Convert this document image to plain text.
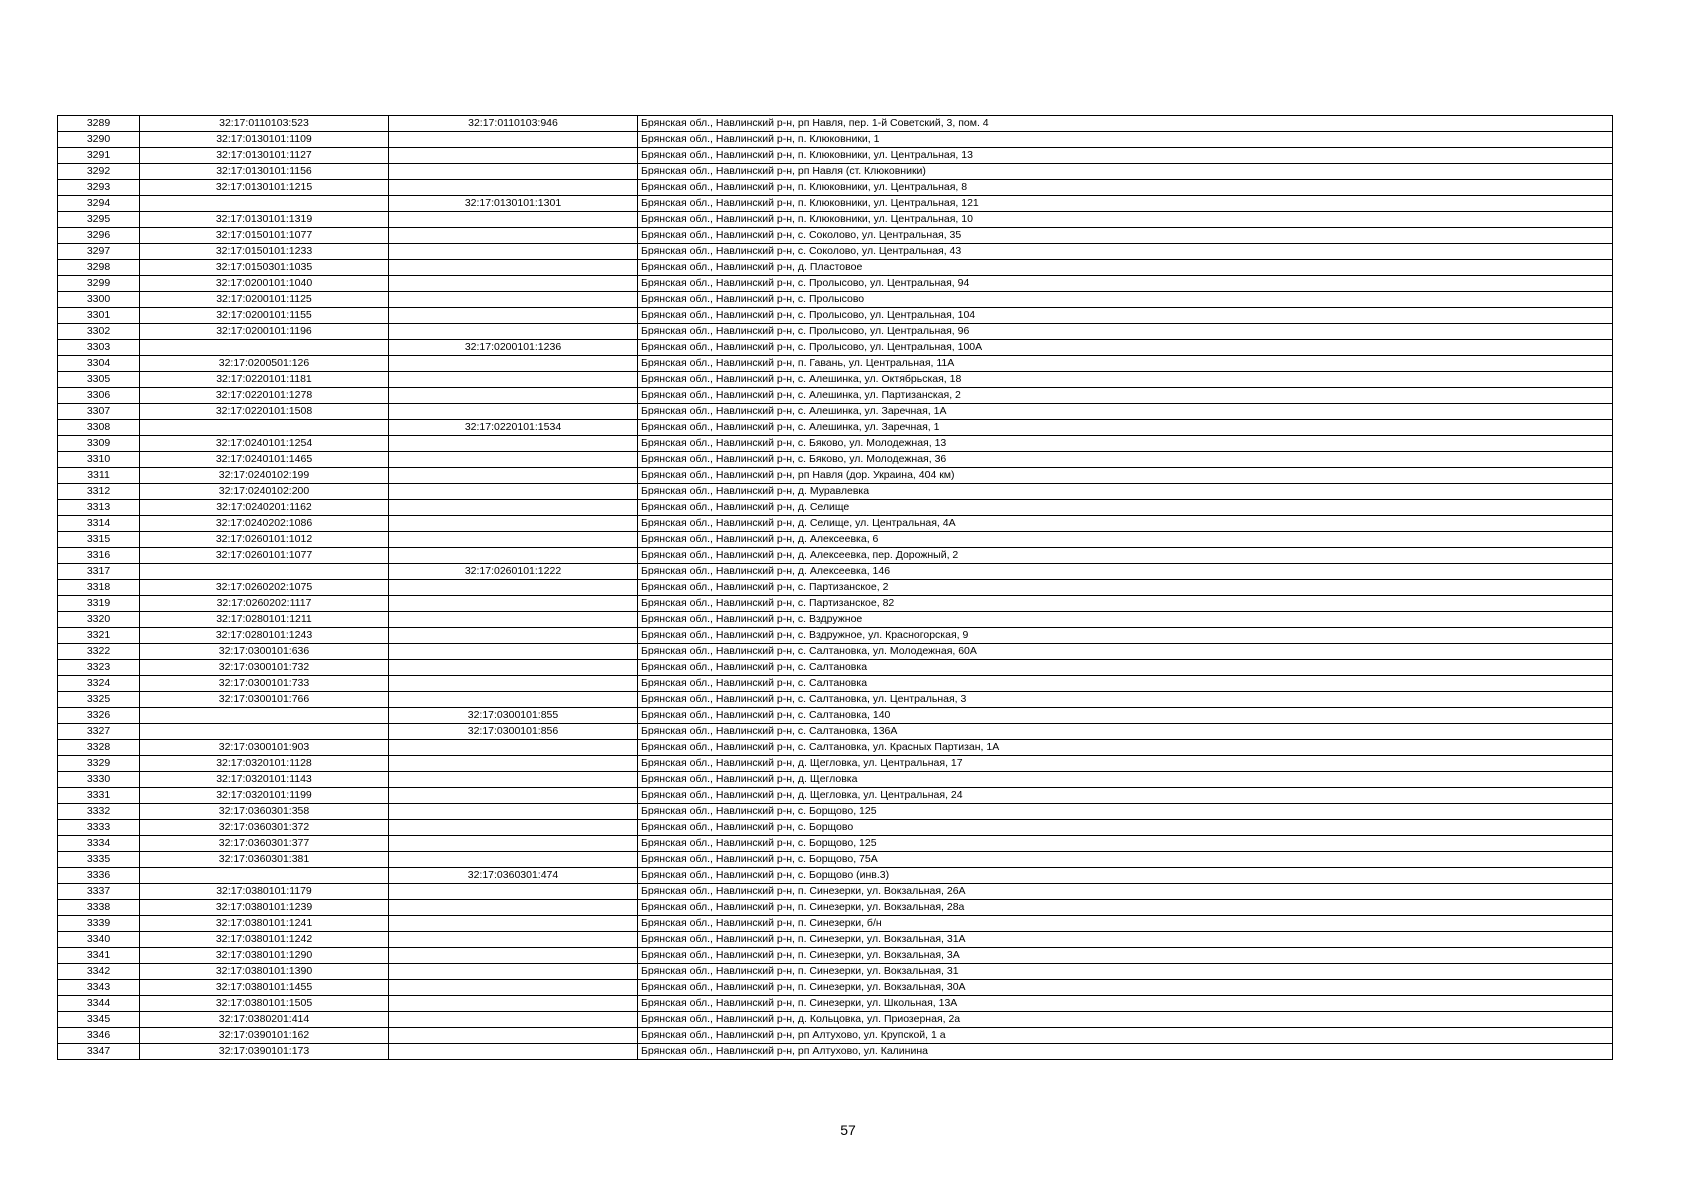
3289	32:17:0110103:523	32:17:0110103:946	Брянская обл., Навлинский р-н, рп Навля, пер. 1-й Советский, 3, пом. 4
3290	32:17:0130101:1109		Брянская обл., Навлинский р-н, п. Клюковники, 1
3291	32:17:0130101:1127		Брянская обл., Навлинский р-н, п. Клюковники, ул. Центральная, 13
3292	32:17:0130101:1156		Брянская обл., Навлинский р-н, рп Навля (ст. Клюковники)
3293	32:17:0130101:1215		Брянская обл., Навлинский р-н, п. Клюковники, ул. Центральная, 8
3294		32:17:0130101:1301	Брянская обл., Навлинский р-н, п. Клюковники, ул. Центральная, 121
3295	32:17:0130101:1319		Брянская обл., Навлинский р-н, п. Клюковники, ул. Центральная, 10
3296	32:17:0150101:1077		Брянская обл., Навлинский р-н, с. Соколово, ул. Центральная, 35
3297	32:17:0150101:1233		Брянская обл., Навлинский р-н, с. Соколово, ул. Центральная, 43
3298	32:17:0150301:1035		Брянская обл., Навлинский р-н, д. Пластовое
3299	32:17:0200101:1040		Брянская обл., Навлинский р-н, с. Пролысово, ул. Центральная, 94
3300	32:17:0200101:1125		Брянская обл., Навлинский р-н, с. Пролысово
3301	32:17:0200101:1155		Брянская обл., Навлинский р-н, с. Пролысово, ул. Центральная, 104
3302	32:17:0200101:1196		Брянская обл., Навлинский р-н, с. Пролысово, ул. Центральная, 96
3303		32:17:0200101:1236	Брянская обл., Навлинский р-н, с. Пролысово, ул. Центральная, 100А
3304	32:17:0200501:126		Брянская обл., Навлинский р-н, п. Гавань, ул. Центральная, 11А
3305	32:17:0220101:1181		Брянская обл., Навлинский р-н, с. Алешинка, ул. Октябрьская, 18
3306	32:17:0220101:1278		Брянская обл., Навлинский р-н, с. Алешинка, ул. Партизанская, 2
3307	32:17:0220101:1508		Брянская обл., Навлинский р-н, с. Алешинка, ул. Заречная, 1А
3308		32:17:0220101:1534	Брянская обл., Навлинский р-н, с. Алешинка, ул. Заречная, 1
3309	32:17:0240101:1254		Брянская обл., Навлинский р-н, с. Бяково, ул. Молодежная, 13
3310	32:17:0240101:1465		Брянская обл., Навлинский р-н, с. Бяково, ул. Молодежная, 36
3311	32:17:0240102:199		Брянская обл., Навлинский р-н, рп Навля (дор. Украина, 404 км)
3312	32:17:0240102:200		Брянская обл., Навлинский р-н, д. Муравлевка
3313	32:17:0240201:1162		Брянская обл., Навлинский р-н, д. Селище
3314	32:17:0240202:1086		Брянская обл., Навлинский р-н, д. Селище, ул. Центральная, 4А
3315	32:17:0260101:1012		Брянская обл., Навлинский р-н, д. Алексеевка, 6
3316	32:17:0260101:1077		Брянская обл., Навлинский р-н, д. Алексеевка, пер. Дорожный, 2
3317		32:17:0260101:1222	Брянская обл., Навлинский р-н, д. Алексеевка, 146
3318	32:17:0260202:1075		Брянская обл., Навлинский р-н, с. Партизанское, 2
3319	32:17:0260202:1117		Брянская обл., Навлинский р-н, с. Партизанское, 82
3320	32:17:0280101:1211		Брянская обл., Навлинский р-н, с. Вздружное
3321	32:17:0280101:1243		Брянская обл., Навлинский р-н, с. Вздружное, ул. Красногорская, 9
3322	32:17:0300101:636		Брянская обл., Навлинский р-н, с. Салтановка, ул. Молодежная, 60А
3323	32:17:0300101:732		Брянская обл., Навлинский р-н, с. Салтановка
3324	32:17:0300101:733		Брянская обл., Навлинский р-н, с. Салтановка
3325	32:17:0300101:766		Брянская обл., Навлинский р-н, с. Салтановка, ул. Центральная, 3
3326		32:17:0300101:855	Брянская обл., Навлинский р-н, с. Салтановка, 140
3327		32:17:0300101:856	Брянская обл., Навлинский р-н, с. Салтановка, 136А
3328	32:17:0300101:903		Брянская обл., Навлинский р-н, с. Салтановка, ул. Красных Партизан, 1А
3329	32:17:0320101:1128		Брянская обл., Навлинский р-н, д. Щегловка, ул. Центральная, 17
3330	32:17:0320101:1143		Брянская обл., Навлинский р-н, д. Щегловка
3331	32:17:0320101:1199		Брянская обл., Навлинский р-н, д. Щегловка, ул. Центральная, 24
3332	32:17:0360301:358		Брянская обл., Навлинский р-н, с. Борщово, 125
3333	32:17:0360301:372		Брянская обл., Навлинский р-н, с. Борщово
3334	32:17:0360301:377		Брянская обл., Навлинский р-н, с. Борщово, 125
3335	32:17:0360301:381		Брянская обл., Навлинский р-н, с. Борщово, 75А
3336		32:17:0360301:474	Брянская обл., Навлинский р-н, с. Борщово (инв.3)
3337	32:17:0380101:1179		Брянская обл., Навлинский р-н, п. Синезерки, ул. Вокзальная, 26А
3338	32:17:0380101:1239		Брянская обл., Навлинский р-н, п. Синезерки, ул. Вокзальная, 28а
3339	32:17:0380101:1241		Брянская обл., Навлинский р-н, п. Синезерки, б/н
3340	32:17:0380101:1242		Брянская обл., Навлинский р-н, п. Синезерки, ул. Вокзальная, 31А
3341	32:17:0380101:1290		Брянская обл., Навлинский р-н, п. Синезерки, ул. Вокзальная, 3А
3342	32:17:0380101:1390		Брянская обл., Навлинский р-н, п. Синезерки, ул. Вокзальная, 31
3343	32:17:0380101:1455		Брянская обл., Навлинский р-н, п. Синезерки, ул. Вокзальная, 30А
3344	32:17:0380101:1505		Брянская обл., Навлинский р-н, п. Синезерки, ул. Школьная, 13А
3345	32:17:0380201:414		Брянская обл., Навлинский р-н, д. Кольцовка, ул. Приозерная, 2а
3346	32:17:0390101:162		Брянская обл., Навлинский р-н, рп Алтухово, ул. Крупской, 1 а
3347	32:17:0390101:173		Брянская обл., Навлинский р-н, рп Алтухово, ул. Калинина
57
